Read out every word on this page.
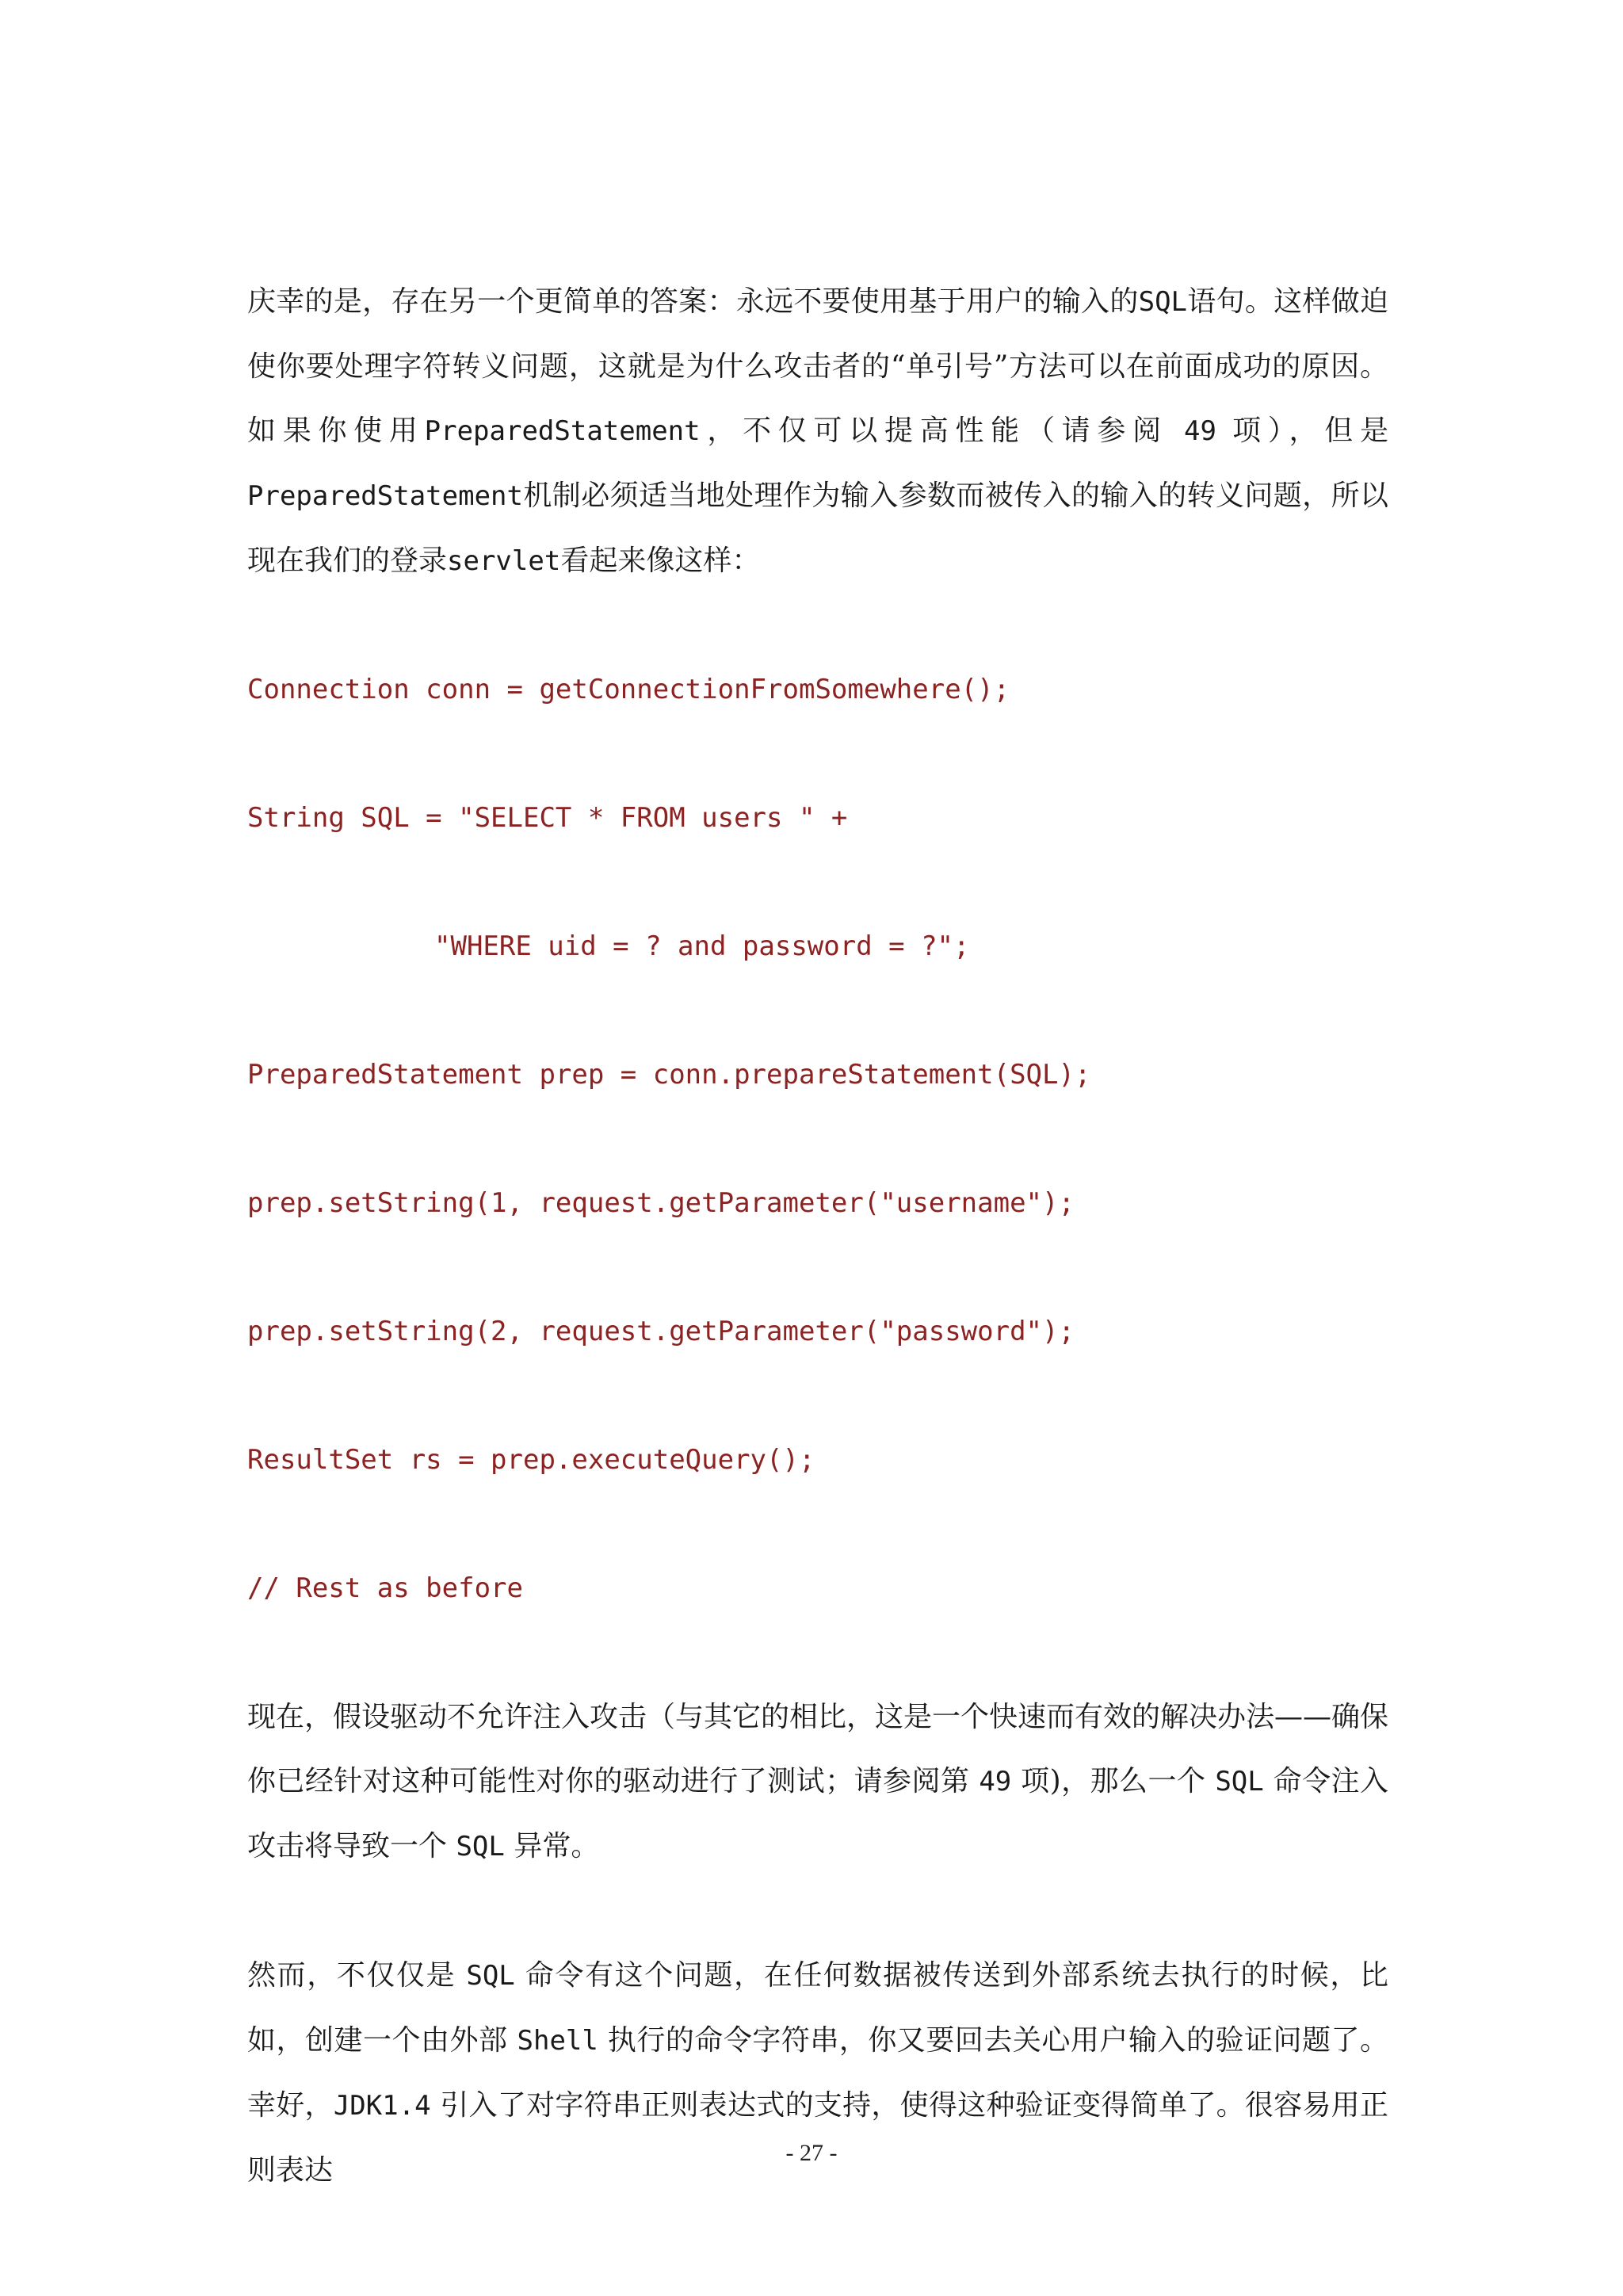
庆幸的是，存在另一个更简单的答案：永远不要使用基于用户的输入的SQL语句。这样做迫使你要处理字符转义问题，这就是为什么攻击者的“单引号”方法可以在前面成功的原因。如果你使用PreparedStatement，不仅可以提高性能（请参阅 49 项），但是PreparedStatement机制必须适当地处理作为输入参数而被传入的输入的转义问题，所以现在我们的登录servlet看起来像这样：

Connection conn = getConnectionFromSomewhere();
String SQL = "SELECT * FROM users " +
"WHERE uid = ? and password = ?";
PreparedStatement prep = conn.prepareStatement(SQL);
prep.setString(1, request.getParameter("username");
prep.setString(2, request.getParameter("password");
ResultSet rs = prep.executeQuery();
// Rest as before

现在，假设驱动不允许注入攻击（与其它的相比，这是一个快速而有效的解决办法——确保你已经针对这种可能性对你的驱动进行了测试；请参阅第 49 项)，那么一个 SQL 命令注入攻击将导致一个 SQL 异常。

然而，不仅仅是 SQL 命令有这个问题，在任何数据被传送到外部系统去执行的时候，比如，创建一个由外部 Shell 执行的命令字符串，你又要回去关心用户输入的验证问题了。幸好，JDK1.4 引入了对字符串正则表达式的支持，使得这种验证变得简单了。很容易用正则表达

- 27 -
